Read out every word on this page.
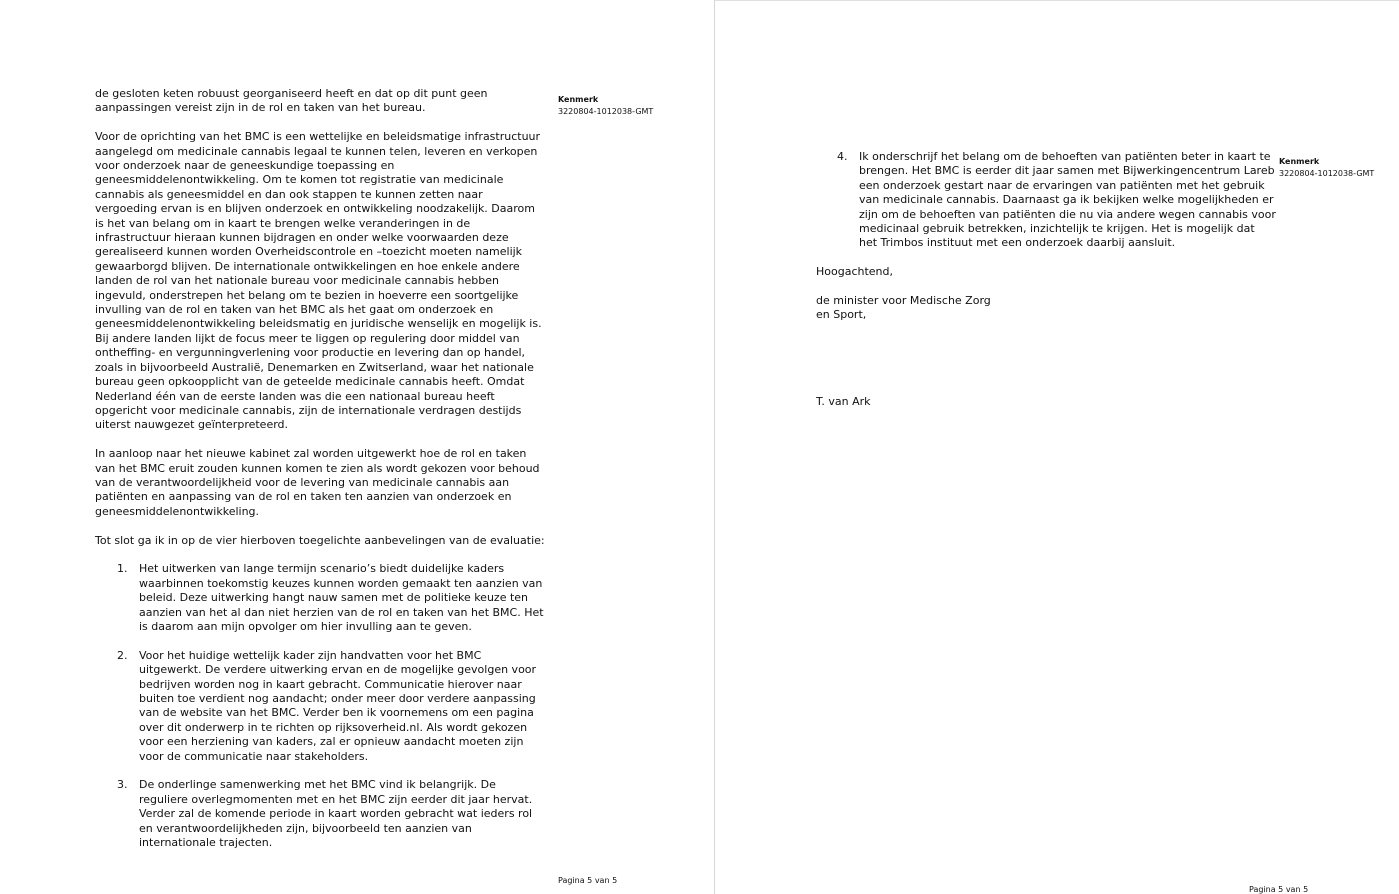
Kenmerk
3220804-1012038-GMT

de gesloten keten robuust georganiseerd heeft en dat op dit punt geen aanpassingen vereist zijn in de rol en taken van het bureau.

Voor de oprichting van het BMC is een wettelijke en beleidsmatige infrastructuur aangelegd om medicinale cannabis legaal te kunnen telen, leveren en verkopen voor onderzoek naar de geneeskundige toepassing en geneesmiddelenontwikkeling. Om te komen tot registratie van medicinale cannabis als geneesmiddel en dan ook stappen te kunnen zetten naar vergoeding ervan is en blijven onderzoek en ontwikkeling noodzakelijk. Daarom is het van belang om in kaart te brengen welke veranderingen in de infrastructuur hieraan kunnen bijdragen en onder welke voorwaarden deze gerealiseerd kunnen worden Overheidscontrole en –toezicht moeten namelijk gewaarborgd blijven. De internationale ontwikkelingen en hoe enkele andere landen de rol van het nationale bureau voor medicinale cannabis hebben ingevuld, onderstrepen het belang om te bezien in hoeverre een soortgelijke invulling van de rol en taken van het BMC als het gaat om onderzoek en geneesmiddelenontwikkeling beleidsmatig en juridische wenselijk en mogelijk is. Bij andere landen lijkt de focus meer te liggen op regulering door middel van ontheffing- en vergunningverlening voor productie en levering dan op handel, zoals in bijvoorbeeld Australië, Denemarken en Zwitserland, waar het nationale bureau geen opkoopplicht van de geteelde medicinale cannabis heeft. Omdat Nederland één van de eerste landen was die een nationaal bureau heeft opgericht voor medicinale cannabis, zijn de internationale verdragen destijds uiterst nauwgezet geïnterpreteerd.

In aanloop naar het nieuwe kabinet zal worden uitgewerkt hoe de rol en taken van het BMC eruit zouden kunnen komen te zien als wordt gekozen voor behoud van de verantwoordelijkheid voor de levering van medicinale cannabis aan patiënten en aanpassing van de rol en taken ten aanzien van onderzoek en geneesmiddelenontwikkeling.

Tot slot ga ik in op de vier hierboven toegelichte aanbevelingen van de evaluatie:

1. Het uitwerken van lange termijn scenario’s biedt duidelijke kaders waarbinnen toekomstig keuzes kunnen worden gemaakt ten aanzien van beleid. Deze uitwerking hangt nauw samen met de politieke keuze ten aanzien van het al dan niet herzien van de rol en taken van het BMC. Het is daarom aan mijn opvolger om hier invulling aan te geven.
2. Voor het huidige wettelijk kader zijn handvatten voor het BMC uitgewerkt. De verdere uitwerking ervan en de mogelijke gevolgen voor bedrijven worden nog in kaart gebracht. Communicatie hierover naar buiten toe verdient nog aandacht; onder meer door verdere aanpassing van de website van het BMC. Verder ben ik voornemens om een pagina over dit onderwerp in te richten op rijksoverheid.nl. Als wordt gekozen voor een herziening van kaders, zal er opnieuw aandacht moeten zijn voor de communicatie naar stakeholders.
3. De onderlinge samenwerking met het BMC vind ik belangrijk. De reguliere overlegmomenten met en het BMC zijn eerder dit jaar hervat. Verder zal de komende periode in kaart worden gebracht wat ieders rol en verantwoordelijkheden zijn, bijvoorbeeld ten aanzien van internationale trajecten.
Pagina 5 van 5
Kenmerk
3220804-1012038-GMT
4. Ik onderschrijf het belang om de behoeften van patiënten beter in kaart te brengen. Het BMC is eerder dit jaar samen met Bijwerkingencentrum Lareb een onderzoek gestart naar de ervaringen van patiënten met het gebruik van medicinale cannabis. Daarnaast ga ik bekijken welke mogelijkheden er zijn om de behoeften van patiënten die nu via andere wegen cannabis voor medicinaal gebruik betrekken, inzichtelijk te krijgen. Het is mogelijk dat het Trimbos instituut met een onderzoek daarbij aansluit.

Hoogachtend,

de minister voor Medische Zorg
en Sport,
T. van Ark
Pagina 5 van 5
